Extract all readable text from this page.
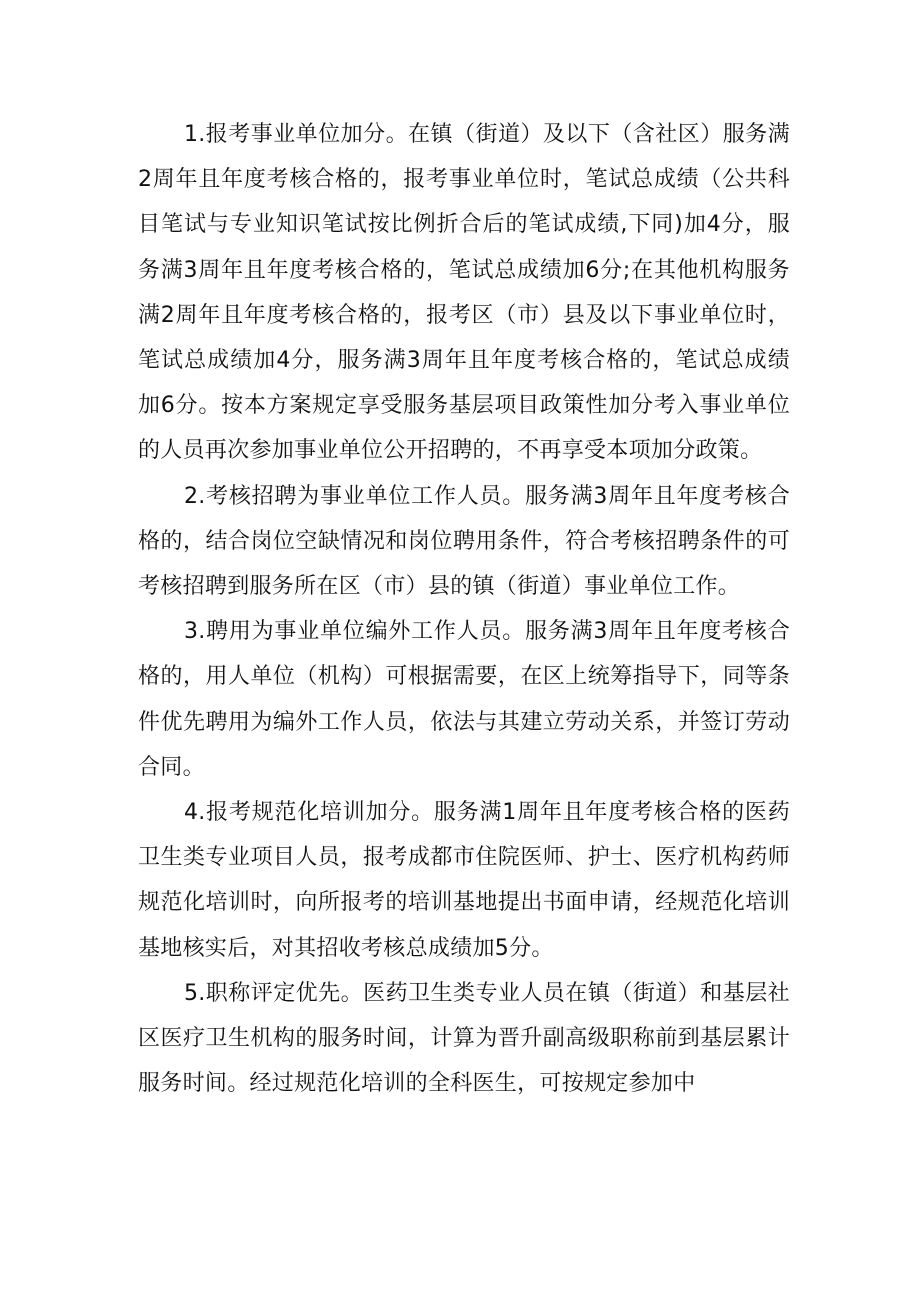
1.报考事业单位加分。在镇（街道）及以下（含社区）服务满2周年且年度考核合格的，报考事业单位时，笔试总成绩（公共科目笔试与专业知识笔试按比例折合后的笔试成绩,下同)加4分，服务满3周年且年度考核合格的，笔试总成绩加6分;在其他机构服务满2周年且年度考核合格的，报考区（市）县及以下事业单位时，笔试总成绩加4分，服务满3周年且年度考核合格的，笔试总成绩加6分。按本方案规定享受服务基层项目政策性加分考入事业单位的人员再次参加事业单位公开招聘的，不再享受本项加分政策。

2.考核招聘为事业单位工作人员。服务满3周年且年度考核合格的，结合岗位空缺情况和岗位聘用条件，符合考核招聘条件的可考核招聘到服务所在区（市）县的镇（街道）事业单位工作。

3.聘用为事业单位编外工作人员。服务满3周年且年度考核合格的，用人单位（机构）可根据需要，在区上统筹指导下，同等条件优先聘用为编外工作人员，依法与其建立劳动关系，并签订劳动合同。

4.报考规范化培训加分。服务满1周年且年度考核合格的医药卫生类专业项目人员，报考成都市住院医师、护士、医疗机构药师规范化培训时，向所报考的培训基地提出书面申请，经规范化培训基地核实后，对其招收考核总成绩加5分。

5.职称评定优先。医药卫生类专业人员在镇（街道）和基层社区医疗卫生机构的服务时间，计算为晋升副高级职称前到基层累计服务时间。经过规范化培训的全科医生，可按规定参加中
